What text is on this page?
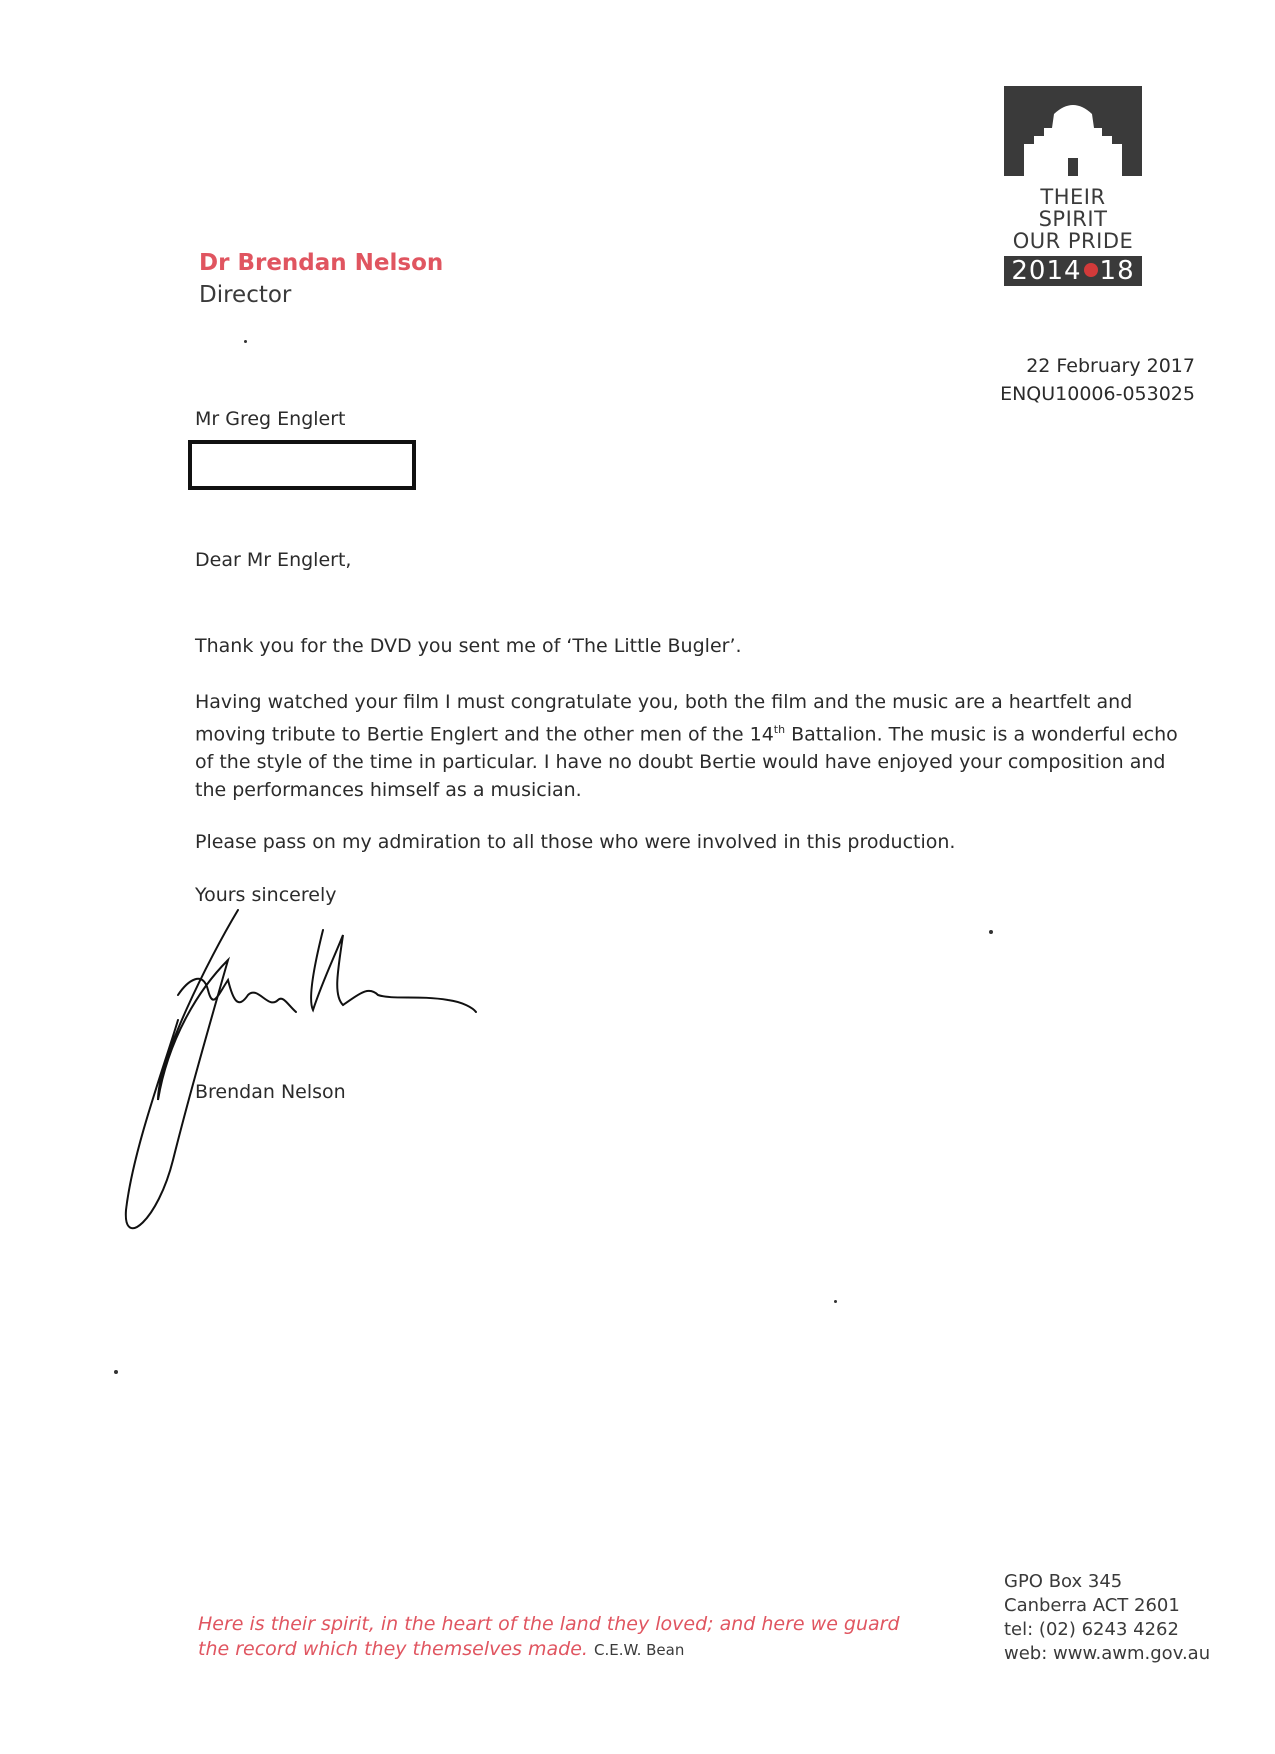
THEIR SPIRIT
OUR PRIDE
2014 18
Dr Brendan Nelson
Director
22 February 2017
ENQU10006-053025
Mr Greg Englert
Dear Mr Englert,
Thank you for the DVD you sent me of ‘The Little Bugler’.
Having watched your film I must congratulate you, both the film and the music are a heartfelt and moving tribute to Bertie Englert and the other men of the 14th Battalion. The music is a wonderful echo of the style of the time in particular. I have no doubt Bertie would have enjoyed your composition and the performances himself as a musician.
Please pass on my admiration to all those who were involved in this production.
Yours sincerely
Brendan Nelson
Here is their spirit, in the heart of the land they loved; and here we guard the record which they themselves made. C.E.W. Bean
GPO Box 345
Canberra ACT 2601
tel: (02) 6243 4262
web: www.awm.gov.au
